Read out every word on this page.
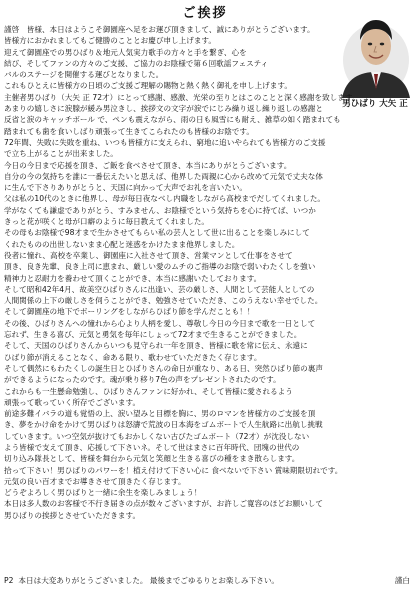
ご挨拶
男ひばり 大矢 正
謹啓　皆様、本日はようこそ御園座へ足をお運び頂きまして、誠にありがとうございます。
皆様方におかれましてもご健勝のこととお慶び申し上げます。
迎えて御園座での男ひばり＆地元人気実力歌手の方々と手を繋ぎ、心を
結び、そしてファンの方々のご支援、ご協力のお陰様で第６回歌謡フェスティ
バルのステージを開催する運びとなりました。
これもひとえに皆様方の日頃のご支援ご理解の賜物と熱く熱く御礼を申し上げます。
主催者男ひばり（大矢 正 72才）にとって感謝、感激、光栄の至りとはこのことと深く感謝を致します。
あまりの嬉しさに涙腺が緩み男泣きし、挨拶文の文字が涙でにじみ繰り返し繰り返しの感謝と
反省と涙のキャッチボール で、ペンも震えながら、雨の日も風雪にも耐え、雑草の如く踏まれても
踏まれても歯を食いしばり頑張って生きてこられたのも皆様のお陰です。
72年間、失敗に失敗を重ね、いつも皆様方に支えられ、窮地に追いやられても皆様方のご支援
で立ち上がることが出来ました。
今日の今日まで応援を頂き、ご飯を食べさせて頂き、本当にありがとうございます。
自分の今の気持ちを誰に一番伝えたいと思えば、他界した両親に心から改めて元気で丈夫な体
に生んで下さりありがとうと、天国に向かって大声でお礼を言いたい。
父は私の10代のときに他界し、母が毎日夜なべし内職をしながら高校までだしてくれました。
学がなくても謙虚でありがとう、すみません、お陰様でという気持ちを心に持てば、いつか
きっと花が咲くと母が口癖のように毎日教えてくれました。
その母もお陰様で98才まで生かさせてもらい私の芸人として世に出ることを楽しみにして
くれたものの出世しないまま心配と迷惑をかけたまま他界しました。
役者に憧れ、高校を卒業し、御園座に入社させて頂き、営業マンとして仕事をさせて
頂き、良き先輩、良き上司に恵まれ、厳しい愛のムチのご指導のお陰で弱いわたくしを強い
精神力と忍耐力を養わせて頂くことができ、本当に感謝いたしております。
そして昭和42年4月、故美空ひばりさんに出逢い、芸の厳しさ、人間として芸能人としての
人間関係の上下の厳しさを伺うことができ、勉強させていただき、このうえない幸せでした。
そして御園座の地下でボーリングをしながらひばり節を学んだことも！！
その後、ひばりさんへの憧れから心より人柄を愛し、尊敬し今日の今日まで歌を一日として
忘れず、生きる喜び、元気と勇気を毎年にしょって72才まで生きることができました。
そして、天国のひばりさんからいつも見守られ一年を頂き、皆様に歌を常に伝え、永遠に
ひばり節が消えることなく、命ある限り、歌わせていただきたく存じます。
そして偶然にもわたくしの誕生日とひばりさんの命日が重なり、ある日、突然ひばり節の裏声
ができるようになったのです。魂が乗り移り7色の声をプレゼントされたのです。
これからも一生懸命勉強し、ひばりさんファンに好かれ、そして皆様に愛されるよう
頑張って歌っていく所存でございます。
前途多難イバラの道も覚悟の上、涙い望みと目標を胸に、男のロマンを皆様方のご支援を頂
き、夢をかけ命をかけて男ひばりは怒濤で荒波の日本海をゴムボートで人生航路に出航し挑戦
していきます。いつ空気が抜けてもおかしくない古びたゴムボート（72才）が沈没しない
よう皆様で支えて頂き、応援して下さいネ。そして世はまさに百年時代、団塊の世代の
切り込み隊長として、皆様を舞台から元気と笑顔と生きる喜びの種をまき散らします。
拾って下さい！男ひばりのパワーを！植え付けて下さい心に 食べないで下さい 賞味期限切れです。
元気の良い百才までお導きさせて頂きたく存じます。
どうぞよろしく男ひばりと一緒に余生を楽しみましょう！
本日は多人数のお客様で不行き届きの点が数々ございますが、お許しご寛容のほどお願いして
男ひばりの挨拶とさせていただきます。
P2 本日は大変ありがとうございました。 最後までごゆるりとお楽しみ下さい。	謹白
